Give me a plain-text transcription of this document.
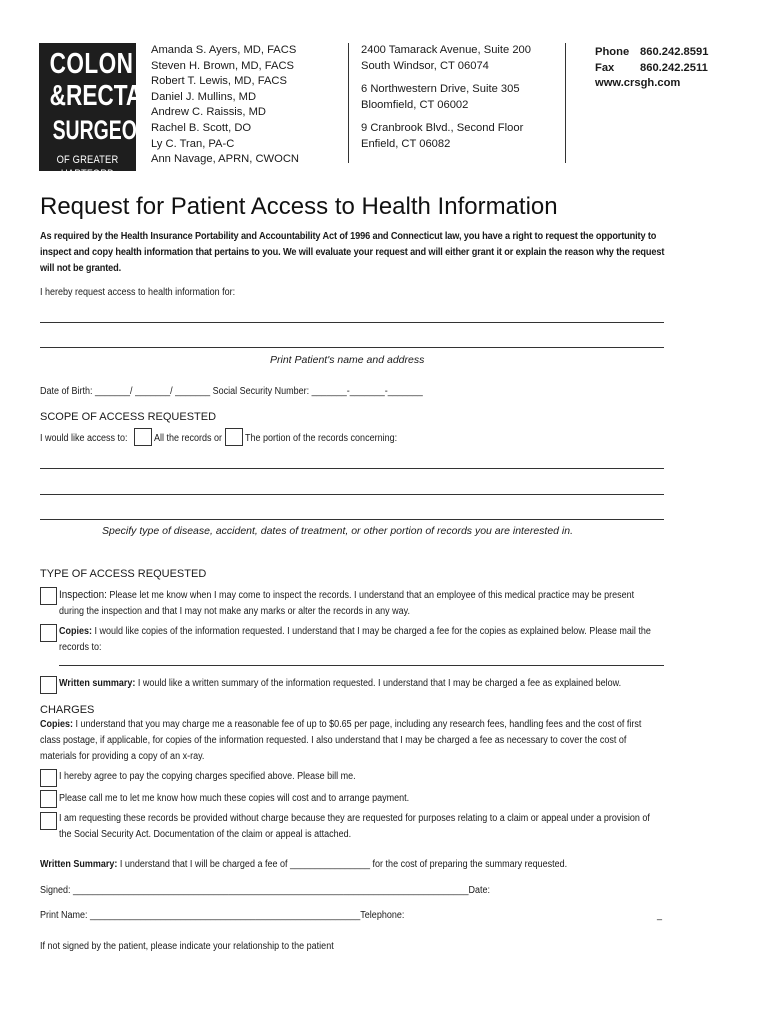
COLON
&RECTAL
SURGEONS
OF GREATER HARTFORD
Amanda S. Ayers, MD, FACS
Steven H. Brown, MD, FACS
Robert T. Lewis, MD, FACS
Daniel J. Mullins, MD
Andrew C. Raissis, MD
Rachel B. Scott, DO
Ly C. Tran, PA-C
Ann Navage, APRN, CWOCN
2400 Tamarack Avenue, Suite 200
South Windsor, CT 06074
6 Northwestern Drive, Suite 305
Bloomfield, CT 06002
9 Cranbrook Blvd., Second Floor
Enfield, CT 06082
Phone 860.242.8591
Fax 860.242.2511
www.crsgh.com
Request for Patient Access to Health Information
As required by the Health Insurance Portability and Accountability Act of 1996 and Connecticut law, you have a right to request the opportunity to inspect and copy health information that pertains to you. We will evaluate your request and will either grant it or explain the reason why the request will not be granted.
I hereby request access to health information for:
Print Patient's name and address
Date of Birth: _______/ _______/ _______ Social Security Number: _______-_______-_______
SCOPE OF ACCESS REQUESTED
I would like access to:	All the records or The portion of the records concerning:
Specify type of disease, accident, dates of treatment, or other portion of records you are interested in.
TYPE OF ACCESS REQUESTED
Inspection: Please let me know when I may come to inspect the records. I understand that an employee of this medical practice may be present during the inspection and that I may not make any marks or alter the records in any way.
Copies: I would like copies of the information requested. I understand that I may be charged a fee for the copies as explained below. Please mail the records to:
Written summary: I would like a written summary of the information requested. I understand that I may be charged a fee as explained below.
CHARGES
Copies: I understand that you may charge me a reasonable fee of up to $0.65 per page, including any research fees, handling fees and the cost of first class postage, if applicable, for copies of the information requested. I also understand that I may be charged a fee as necessary to cover the cost of materials for providing a copy of an x-ray.
I hereby agree to pay the copying charges specified above. Please bill me.
Please call me to let me know how much these copies will cost and to arrange payment.
I am requesting these records be provided without charge because they are requested for purposes relating to a claim or appeal under a provision of the Social Security Act. Documentation of the claim or appeal is attached.
Written Summary: I understand that I will be charged a fee of ________________ for the cost of preparing the summary requested.
Signed: _______________________________________________________________________________Date:
Print Name: ______________________________________________________Telephone:	_
If not signed by the patient, please indicate your relationship to the patient
